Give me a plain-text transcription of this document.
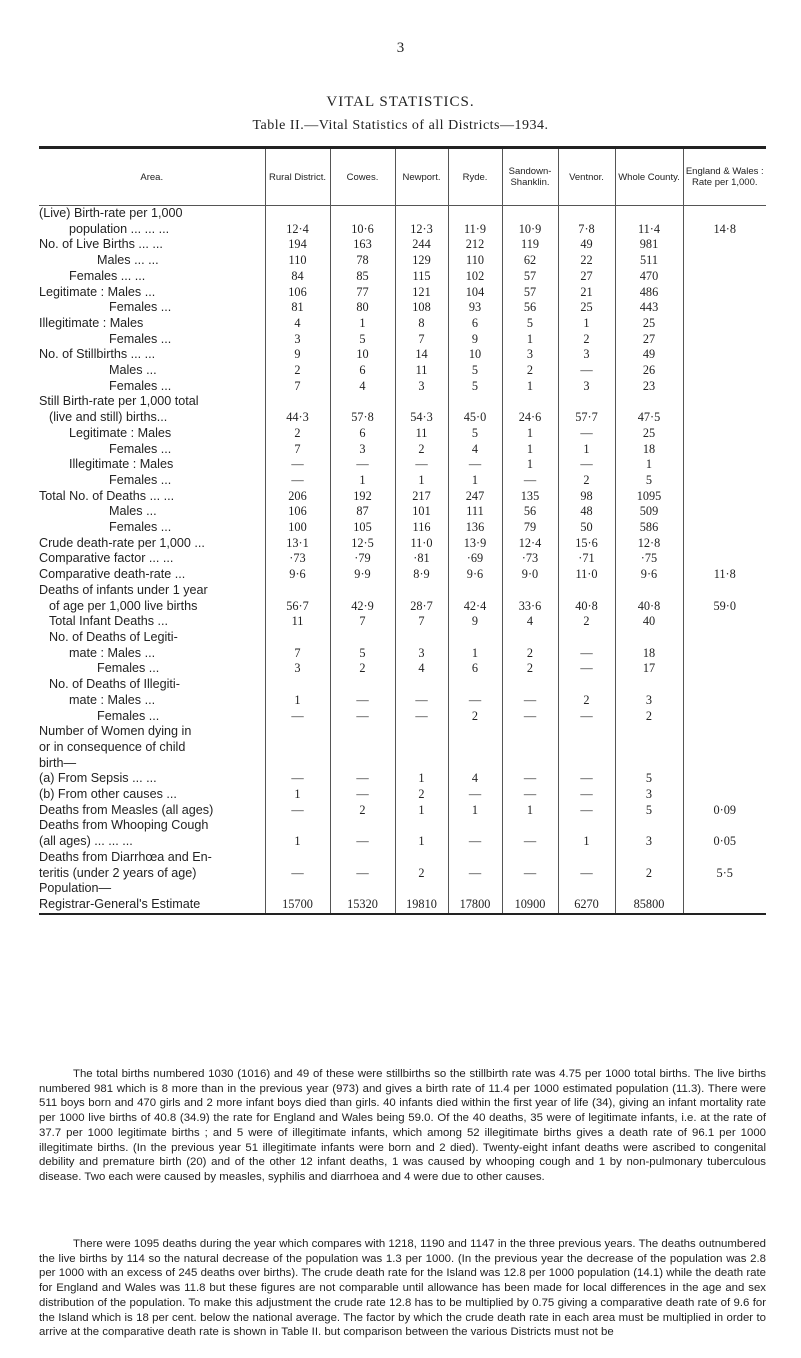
3
VITAL STATISTICS.
Table II.—Vital Statistics of all Districts—1934.
Area.	Rural District.	Cowes.	Newport.	Ryde.	Sandown-Shanklin.	Ventnor.	Whole County.	England & Wales : Rate per 1,000.
(Live) Birth-rate per 1,000								
population ... ... ...	12·4	10·6	12·3	11·9	10·9	7·8	11·4	14·8
No. of Live Births ... ...	194	163	244	212	119	49	981	
Males ... ...	110	78	129	110	62	22	511	
Females ... ...	84	85	115	102	57	27	470	
Legitimate : Males ...	106	77	121	104	57	21	486	
Females ...	81	80	108	93	56	25	443	
Illegitimate : Males	4	1	8	6	5	1	25	
Females ...	3	5	7	9	1	2	27	
No. of Stillbirths ... ...	9	10	14	10	3	3	49	
Males ...	2	6	11	5	2	—	26	
Females ...	7	4	3	5	1	3	23	
Still Birth-rate per 1,000 total								
(live and still) births...	44·3	57·8	54·3	45·0	24·6	57·7	47·5	
Legitimate : Males	2	6	11	5	1	—	25	
Females ...	7	3	2	4	1	1	18	
Illegitimate : Males	—	—	—	—	1	—	1	
Females ...	—	1	1	1	—	2	5	
Total No. of Deaths ... ...	206	192	217	247	135	98	1095	
Males ...	106	87	101	111	56	48	509	
Females ...	100	105	116	136	79	50	586	
Crude death-rate per 1,000 ...	13·1	12·5	11·0	13·9	12·4	15·6	12·8	
Comparative factor ... ...	·73	·79	·81	·69	·73	·71	·75	
Comparative death-rate ...	9·6	9·9	8·9	9·6	9·0	11·0	9·6	11·8
Deaths of infants under 1 year								
of age per 1,000 live births	56·7	42·9	28·7	42·4	33·6	40·8	40·8	59·0
Total Infant Deaths ...	11	7	7	9	4	2	40	
No. of Deaths of Legiti-								
mate : Males ...	7	5	3	1	2	—	18	
Females ...	3	2	4	6	2	—	17	
No. of Deaths of Illegiti-								
mate : Males ...	1	—	—	—	—	2	3	
Females ...	—	—	—	2	—	—	2	
Number of Women dying in								
or in consequence of child								
birth—								
(a) From Sepsis ... ...	—	—	1	4	—	—	5	
(b) From other causes ...	1	—	2	—	—	—	3	
Deaths from Measles (all ages)	—	2	1	1	1	—	5	0·09
Deaths from Whooping Cough								
(all ages) ... ... ...	1	—	1	—	—	1	3	0·05
Deaths from Diarrhœa and En-								
teritis (under 2 years of age)	—	—	2	—	—	—	2	5·5
Population—								
Registrar-General's Estimate	15700	15320	19810	17800	10900	6270	85800	

The total births numbered 1030 (1016) and 49 of these were stillbirths so the stillbirth rate was 4.75 per 1000 total births. The live births numbered 981 which is 8 more than in the previous year (973) and gives a birth rate of 11.4 per 1000 estimated population (11.3). There were 511 boys born and 470 girls and 2 more infant boys died than girls. 40 infants died within the first year of life (34), giving an infant mortality rate per 1000 live births of 40.8 (34.9) the rate for England and Wales being 59.0. Of the 40 deaths, 35 were of legitimate infants, i.e. at the rate of 37.7 per 1000 legitimate births ; and 5 were of illegitimate infants, which among 52 illegitimate births gives a death rate of 96.1 per 1000 illegitimate births. (In the previous year 51 illegitimate infants were born and 2 died). Twenty-eight infant deaths were ascribed to congenital debility and premature birth (20) and of the other 12 infant deaths, 1 was caused by whooping cough and 1 by non-pulmonary tuberculous disease. Two each were caused by measles, syphilis and diarrhoea and 4 were due to other causes.

There were 1095 deaths during the year which compares with 1218, 1190 and 1147 in the three previous years. The deaths outnumbered the live births by 114 so the natural decrease of the population was 1.3 per 1000. (In the previous year the decrease of the population was 2.8 per 1000 with an excess of 245 deaths over births). The crude death rate for the Island was 12.8 per 1000 population (14.1) while the death rate for England and Wales was 11.8 but these figures are not comparable until allowance has been made for local differences in the age and sex distribution of the population. To make this adjustment the crude rate 12.8 has to be multiplied by 0.75 giving a comparative death rate of 9.6 for the Island which is 18 per cent. below the national average. The factor by which the crude death rate in each area must be multiplied in order to arrive at the comparative death rate is shown in Table II. but comparison between the various Districts must not be
